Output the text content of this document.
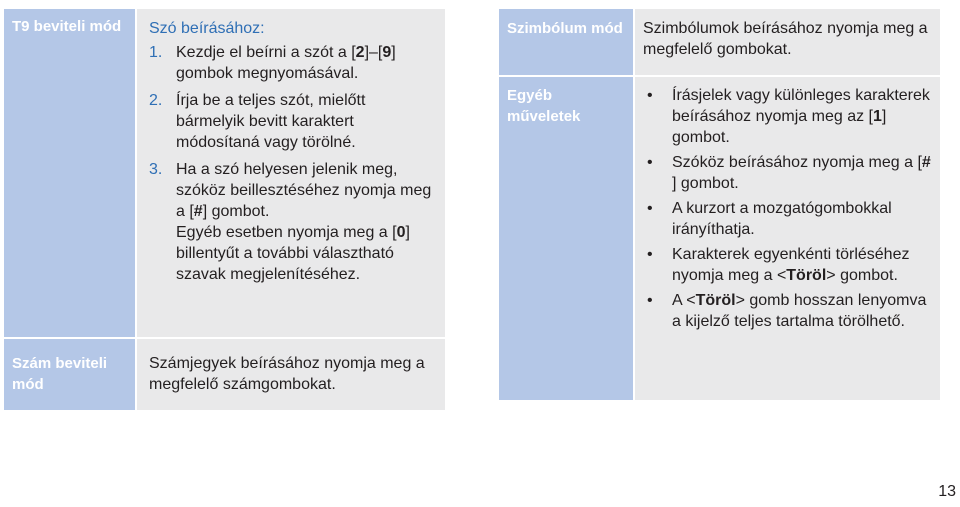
T9 beviteli mód	Szó beírásához:
1. Kezdje el beírni a szót a [2]–[9] gombok megnyomásával.
2. Írja be a teljes szót, mielőtt bármelyik bevitt karaktert módosítaná vagy törölné.
3. Ha a szó helyesen jelenik meg, szóköz beillesztéséhez nyomja meg a [#] gombot.
Egyéb esetben nyomja meg a [0] billentyűt a további választható szavak megjelenítéséhez.
Szám beviteli mód
Számjegyek beírásához nyomja meg a megfelelő számgombokat.
Szimbólum mód	Szimbólumok beírásához nyomja meg a megfelelő gombokat.
Egyéb műveletek
• Írásjelek vagy különleges karakterek beírásához nyomja meg az [1] gombot.
• Szóköz beírásához nyomja meg a [#] gombot.
• A kurzort a mozgatógombokkal irányíthatja.
• Karakterek egyenkénti törléséhez nyomja meg a <Töröl> gombot.
• A <Töröl> gomb hosszan lenyomva a kijelző teljes tartalma törölhető.
13
